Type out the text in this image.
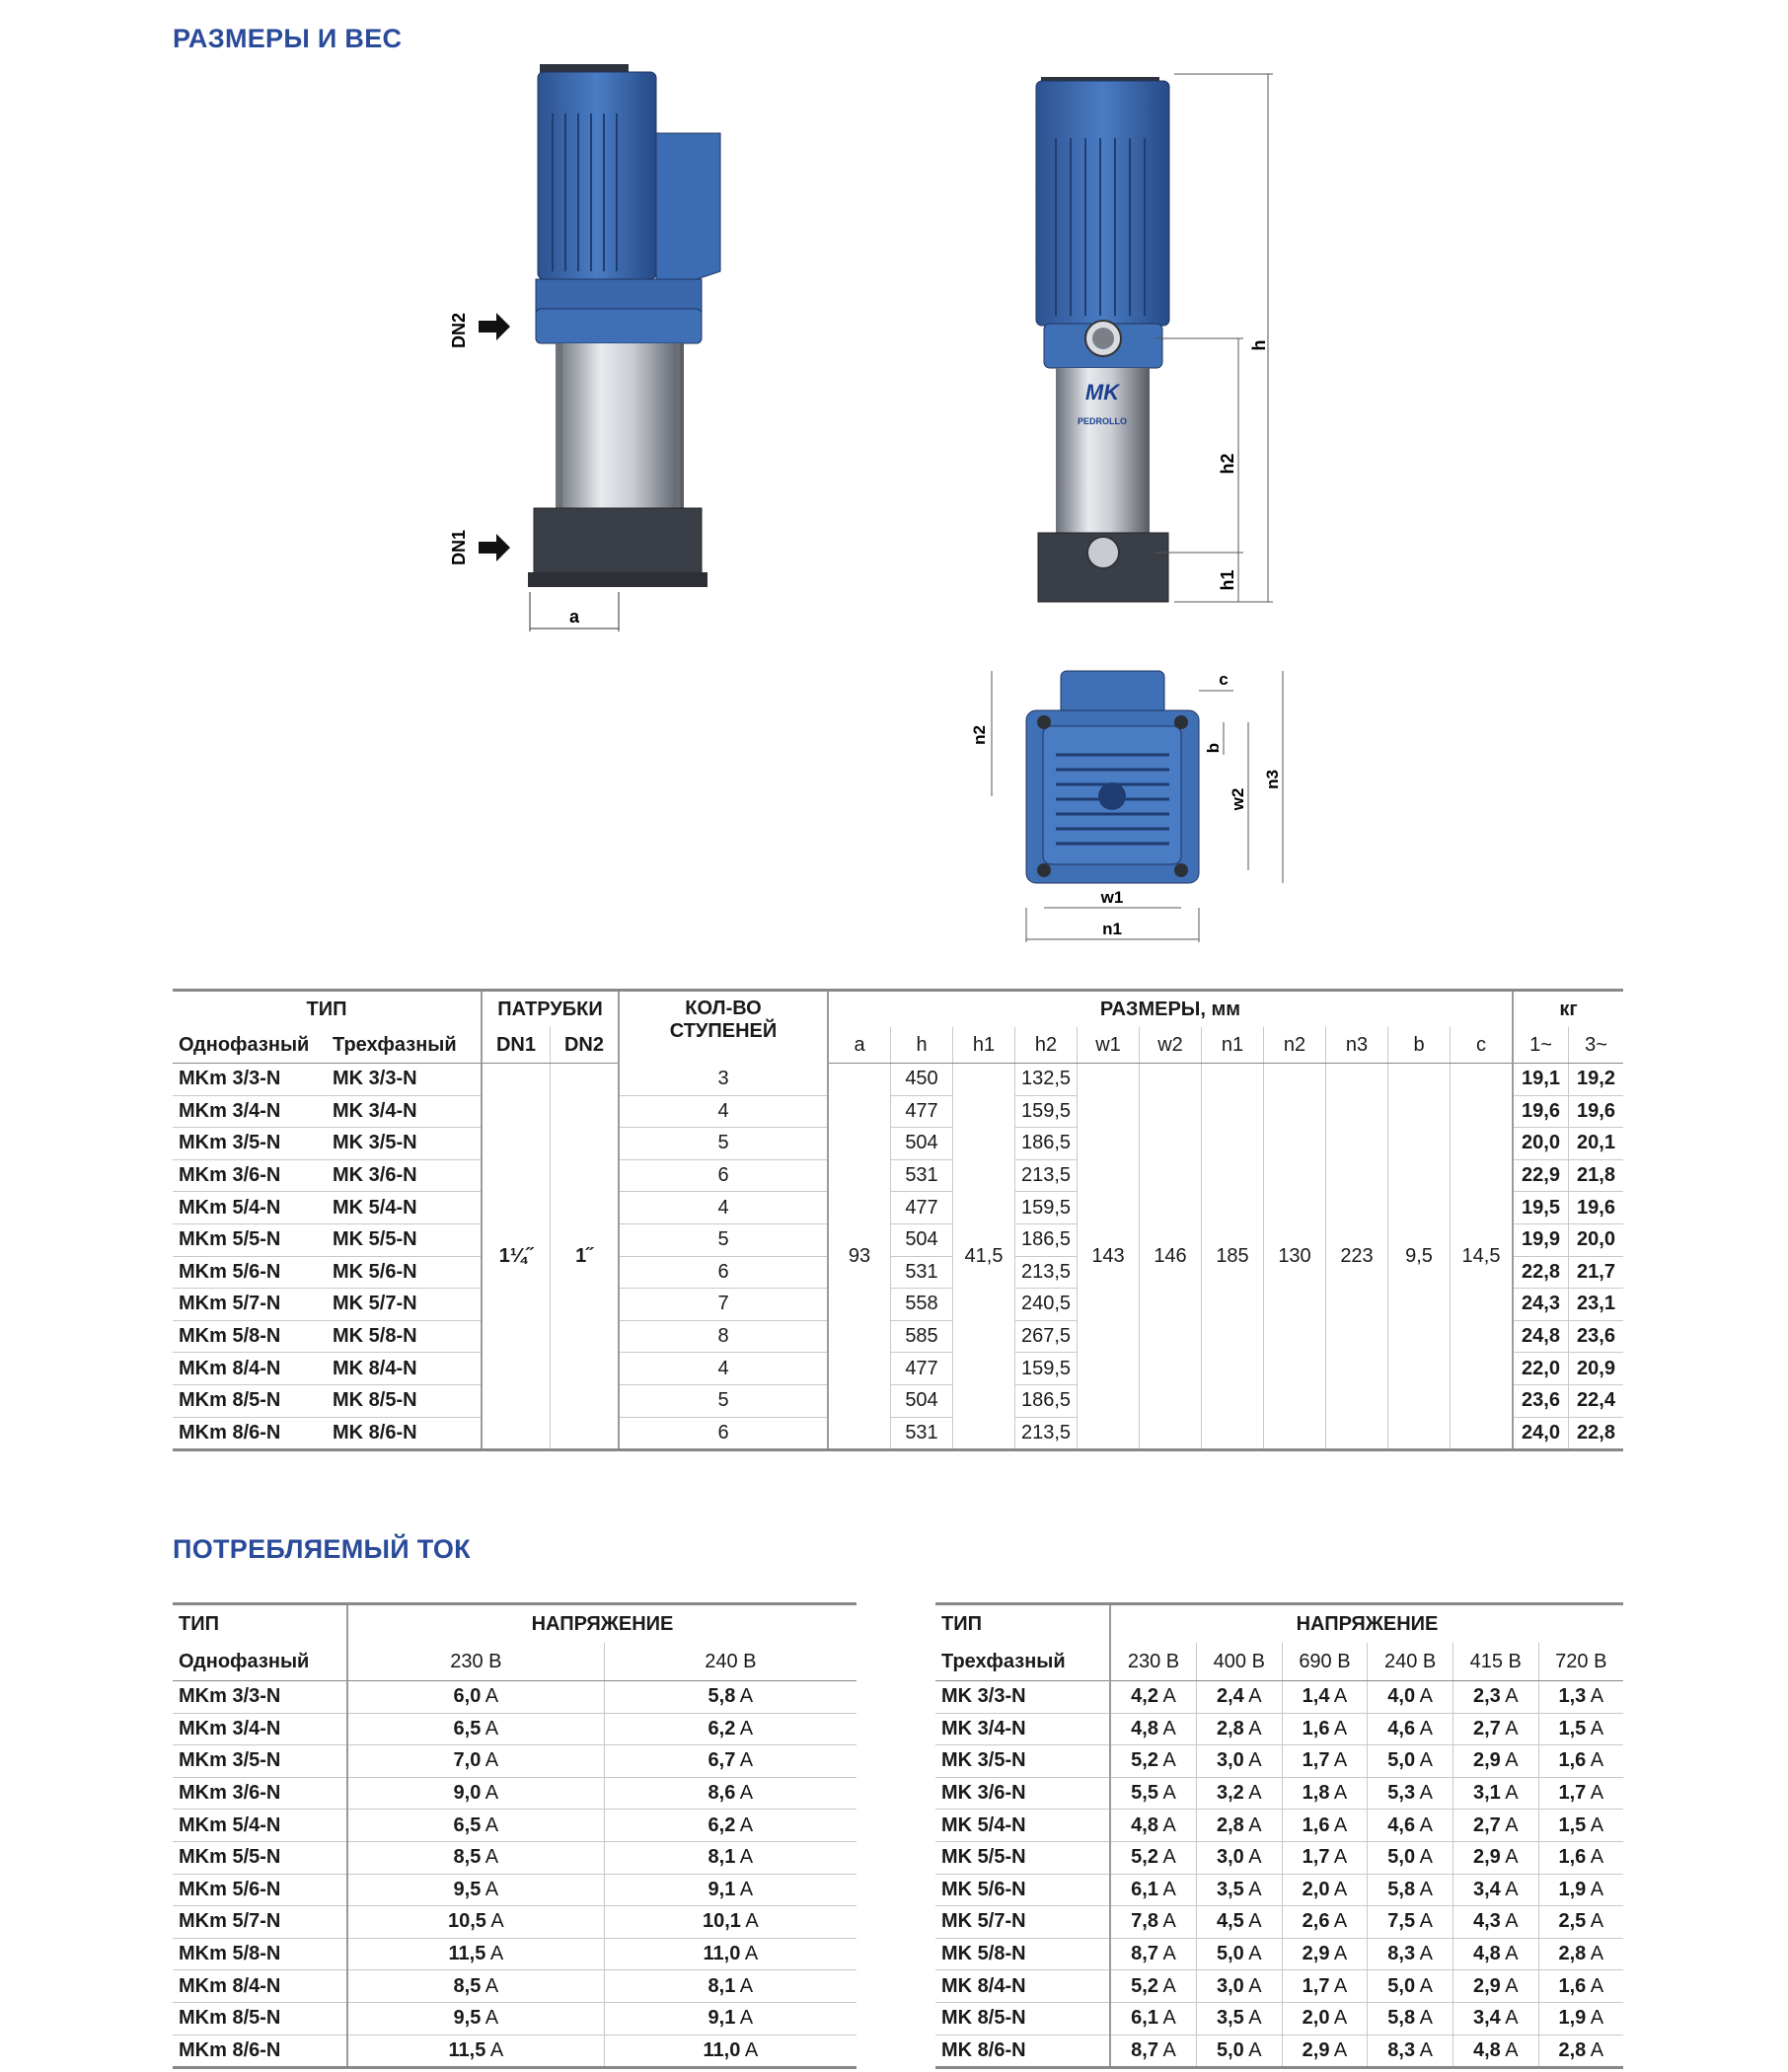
РАЗМЕРЫ И ВЕС
DN2
DN1
a
MK
PEDROLLO
h
h2
h1
n1
w1
n2
n3
w2
b
c
ТИП		ПАТРУБКИ		КОЛ-ВО
СТУПЕНЕЙ	РАЗМЕРЫ, мм											кг	
Однофазный	Трехфазный	DN1	DN2		a	h	h1	h2	w1	w2	n1	n2	n3	b	c	1~	3~
MKm 3/3-N	MK 3/3-N	1¼˝	1˝	3	93	450	41,5	132,5	143	146	185	130	223	9,5	14,5	19,1	19,2
MKm 3/4-N	MK 3/4-N			4		477		159,5								19,6	19,6
MKm 3/5-N	MK 3/5-N			5		504		186,5								20,0	20,1
MKm 3/6-N	MK 3/6-N			6		531		213,5								22,9	21,8
MKm 5/4-N	MK 5/4-N			4		477		159,5								19,5	19,6
MKm 5/5-N	MK 5/5-N			5		504		186,5								19,9	20,0
MKm 5/6-N	MK 5/6-N			6		531		213,5								22,8	21,7
MKm 5/7-N	MK 5/7-N			7		558		240,5								24,3	23,1
MKm 5/8-N	MK 5/8-N			8		585		267,5								24,8	23,6
MKm 8/4-N	MK 8/4-N			4		477		159,5								22,0	20,9
MKm 8/5-N	MK 8/5-N			5		504		186,5								23,6	22,4
MKm 8/6-N	MK 8/6-N			6		531		213,5								24,0	22,8
ПОТРЕБЛЯЕМЫЙ ТОК
ТИП	НАПРЯЖЕНИЕ	
Однофазный	230 В	240 В
MKm 3/3-N	6,0 A	5,8 A
MKm 3/4-N	6,5 A	6,2 A
MKm 3/5-N	7,0 A	6,7 A
MKm 3/6-N	9,0 A	8,6 A
MKm 5/4-N	6,5 A	6,2 A
MKm 5/5-N	8,5 A	8,1 A
MKm 5/6-N	9,5 A	9,1 A
MKm 5/7-N	10,5 A	10,1 A
MKm 5/8-N	11,5 A	11,0 A
MKm 8/4-N	8,5 A	8,1 A
MKm 8/5-N	9,5 A	9,1 A
MKm 8/6-N	11,5 A	11,0 A
ТИП	НАПРЯЖЕНИЕ					
Трехфазный	230 В	400 В	690 В	240 В	415 В	720 В
MK 3/3-N	4,2 A	2,4 A	1,4 A	4,0 A	2,3 A	1,3 A
MK 3/4-N	4,8 A	2,8 A	1,6 A	4,6 A	2,7 A	1,5 A
MK 3/5-N	5,2 A	3,0 A	1,7 A	5,0 A	2,9 A	1,6 A
MK 3/6-N	5,5 A	3,2 A	1,8 A	5,3 A	3,1 A	1,7 A
MK 5/4-N	4,8 A	2,8 A	1,6 A	4,6 A	2,7 A	1,5 A
MK 5/5-N	5,2 A	3,0 A	1,7 A	5,0 A	2,9 A	1,6 A
MK 5/6-N	6,1 A	3,5 A	2,0 A	5,8 A	3,4 A	1,9 A
MK 5/7-N	7,8 A	4,5 A	2,6 A	7,5 A	4,3 A	2,5 A
MK 5/8-N	8,7 A	5,0 A	2,9 A	8,3 A	4,8 A	2,8 A
MK 8/4-N	5,2 A	3,0 A	1,7 A	5,0 A	2,9 A	1,6 A
MK 8/5-N	6,1 A	3,5 A	2,0 A	5,8 A	3,4 A	1,9 A
MK 8/6-N	8,7 A	5,0 A	2,9 A	8,3 A	4,8 A	2,8 A
